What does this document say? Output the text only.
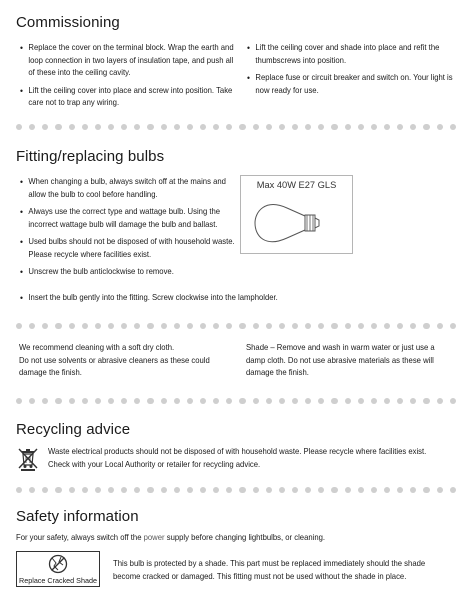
Commissioning
• Replace the cover on the terminal block. Wrap the earth and loop connection in two layers of insulation tape, and push all of these into the ceiling cavity.
• Lift the ceiling cover into place and screw into position. Take care not to trap any wiring.
• Lift the ceiling cover and shade into place and refit the thumbscrews into position.
• Replace fuse or circuit breaker and switch on. Your light is now ready for use.
Fitting/replacing bulbs
• When changing a bulb, always switch off at the mains and allow the bulb to cool before handling.
• Always use the correct type and wattage bulb. Using the incorrect wattage bulb will damage the bulb and ballast.
• Used bulbs should not be disposed of with household waste. Please recycle where facilities exist.
• Unscrew the bulb anticlockwise to remove.
• Insert the bulb gently into the fitting. Screw clockwise into the lampholder.
Max 40W E27 GLS
We recommend cleaning with a soft dry cloth.
Do not use solvents or abrasive cleaners as these could damage the finish.
Shade – Remove and wash in warm water or just use a damp cloth. Do not use abrasive materials as these will damage the finish.
Recycling advice
Waste electrical products should not be disposed of with household waste. Please recycle where facilities exist. Check with your Local Authority or retailer for recycling advice.
Safety information
For your safety, always switch off the power supply before changing lightbulbs, or cleaning.
Replace Cracked Shade
This bulb is protected by a shade. This part must be replaced immediately should the shade become cracked or damaged. This fitting must not be used without the shade in place.
